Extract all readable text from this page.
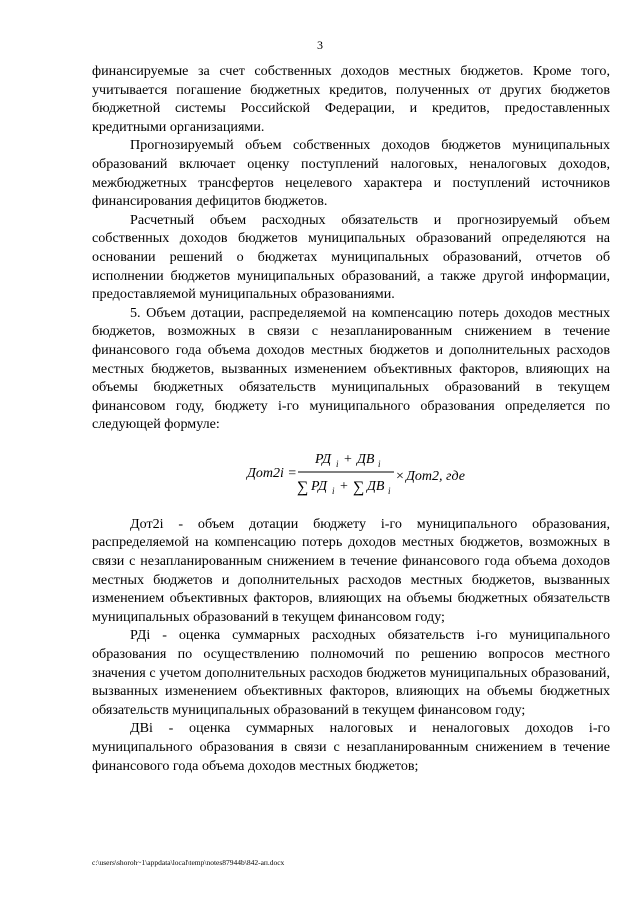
3

финансируемые за счет собственных доходов местных бюджетов. Кроме того, учитывается погашение бюджетных кредитов, полученных от других бюджетов бюджетной системы Российской Федерации, и кредитов, предоставленных кредитными организациями.

Прогнозируемый объем собственных доходов бюджетов муниципальных образований включает оценку поступлений налоговых, неналоговых доходов, межбюджетных трансфертов нецелевого характера и поступлений источников финансирования дефицитов бюджетов.

Расчетный объем расходных обязательств и прогнозируемый объем собственных доходов бюджетов муниципальных образований определяются на основании решений о бюджетах муниципальных образований, отчетов об исполнении бюджетов муниципальных образований, а также другой информации, предоставляемой муниципальных образованиями.

5. Объем дотации, распределяемой на компенсацию потерь доходов местных бюджетов, возможных в связи с незапланированным снижением в течение финансового года объема доходов местных бюджетов и дополнительных расходов местных бюджетов, вызванных изменением объективных факторов, влияющих на объемы бюджетных обязательств муниципальных образований в текущем финансовом году, бюджету i-го муниципального образования определяется по следующей формуле:

Дот2i =
РД i + ДВ i
∑ РД i + ∑ ДВ i
× Дот2, где

Дот2i - объем дотации бюджету i-го муниципального образования, распределяемой на компенсацию потерь доходов местных бюджетов, возможных в связи с незапланированным снижением в течение финансового года объема доходов местных бюджетов и дополнительных расходов местных бюджетов, вызванных изменением объективных факторов, влияющих на объемы бюджетных обязательств муниципальных образований в текущем финансовом году;

РДi - оценка суммарных расходных обязательств i-го муниципального образования по осуществлению полномочий по решению вопросов местного значения с учетом дополнительных расходов бюджетов муниципальных образований, вызванных изменением объективных факторов, влияющих на объемы бюджетных обязательств муниципальных образований в текущем финансовом году;

ДВi - оценка суммарных налоговых и неналоговых доходов i-го муниципального образования в связи с незапланированным снижением в течение финансового года объема доходов местных бюджетов;

c:\users\shoroh~1\appdata\local\temp\notes87944b\842-ап.docx
